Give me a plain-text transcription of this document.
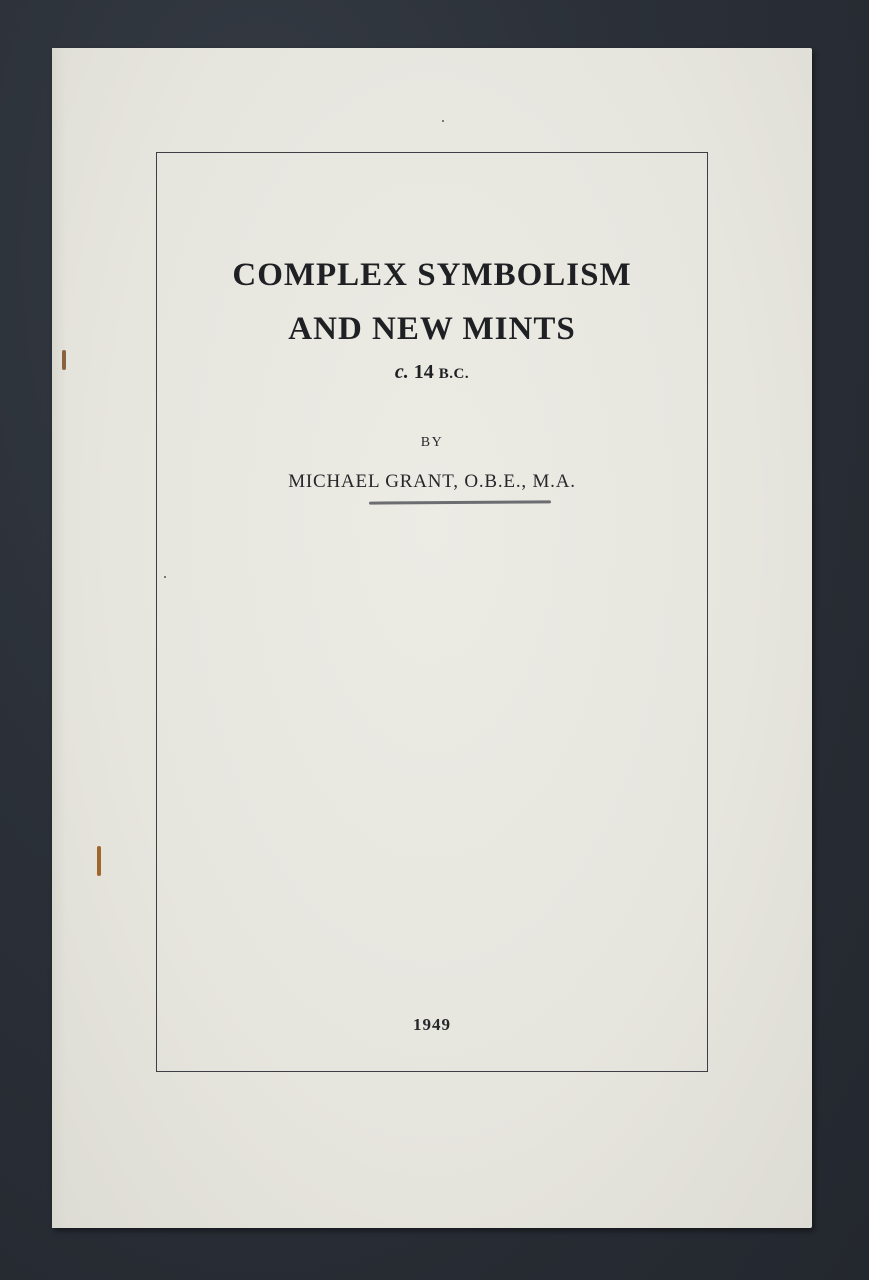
COMPLEX SYMBOLISM
AND NEW MINTS
c. 14 B.C.
BY
MICHAEL GRANT, O.B.E., M.A.
1949
